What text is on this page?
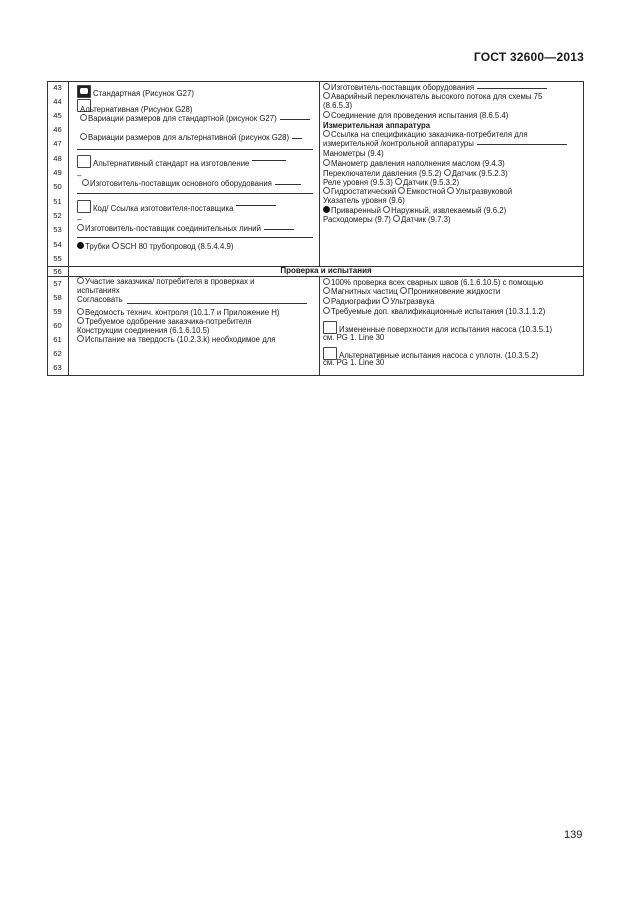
ГОСТ 32600—2013
43
44
45
46
47
48
49
50
51
52
53
54
55
56
57
58
59
60
61
62
63
Стандартная (Рисунок G27)
Альтернативная (Рисунок G28)
Вариации размеров для стандартной (рисунок G27)
Вариации размеров для альтернативной (рисунок G28)
Альтернативный стандарт на изготовление
–
Изготовитель-поставщик основного оборудования
Код/ Ссылка изготовителя-поставщика
–
Изготовитель-поставщик соединительных линий
Трубки SCH 80 трубопровод (8.5.4.4.9)
Проверка и испытания
Участие заказчика/ потребителя в проверках и
испытаниях
Согласовать
Ведомость технич. контроля (10.1.7 и Приложение Н)
Требуемое одобрение заказчика-потребителя
Конструкции соединения (6.1.6.10.5)
Испытание на твердость (10.2.3.k) необходимое для
Изготовитель-поставщик оборудования
Аварийный переключатель высокого потока для схемы 75
(8.6.5.3)
Соединение для проведения испытания (8.6.5.4)
Измерительная аппаратура
Ссылка на спецификацию заказчика-потребителя для
измерительной /контрольной аппаратуры
Манометры (9.4)
Манометр давления наполнения маслом (9.4.3)
Переключатели давления (9.5.2) Датчик (9.5.2.3)
Реле уровня (9.5.3) Датчик (9.5.3.2)
Гидростатический Емкостной Ультразвуковой
Указатель уровня (9.6)
Приваренный Наружный, извлекаемый (9.6.2)
Расходомеры (9.7) Датчик (9.7.3)
100% проверка всех сварных швов (6.1.6.10.5) с помощью
Магнитных частиц Проникновение жидкости
Радиографии Ультразвука
Требуемые доп. квалификационные испытания (10.3.1.1.2)
Измененные поверхности для испытания насоса (10.3.5.1)
см. PG 1. Line 30
Альтернативные испытания насоса с уплотн. (10.3.5.2)
см. PG 1. Line 30
139
